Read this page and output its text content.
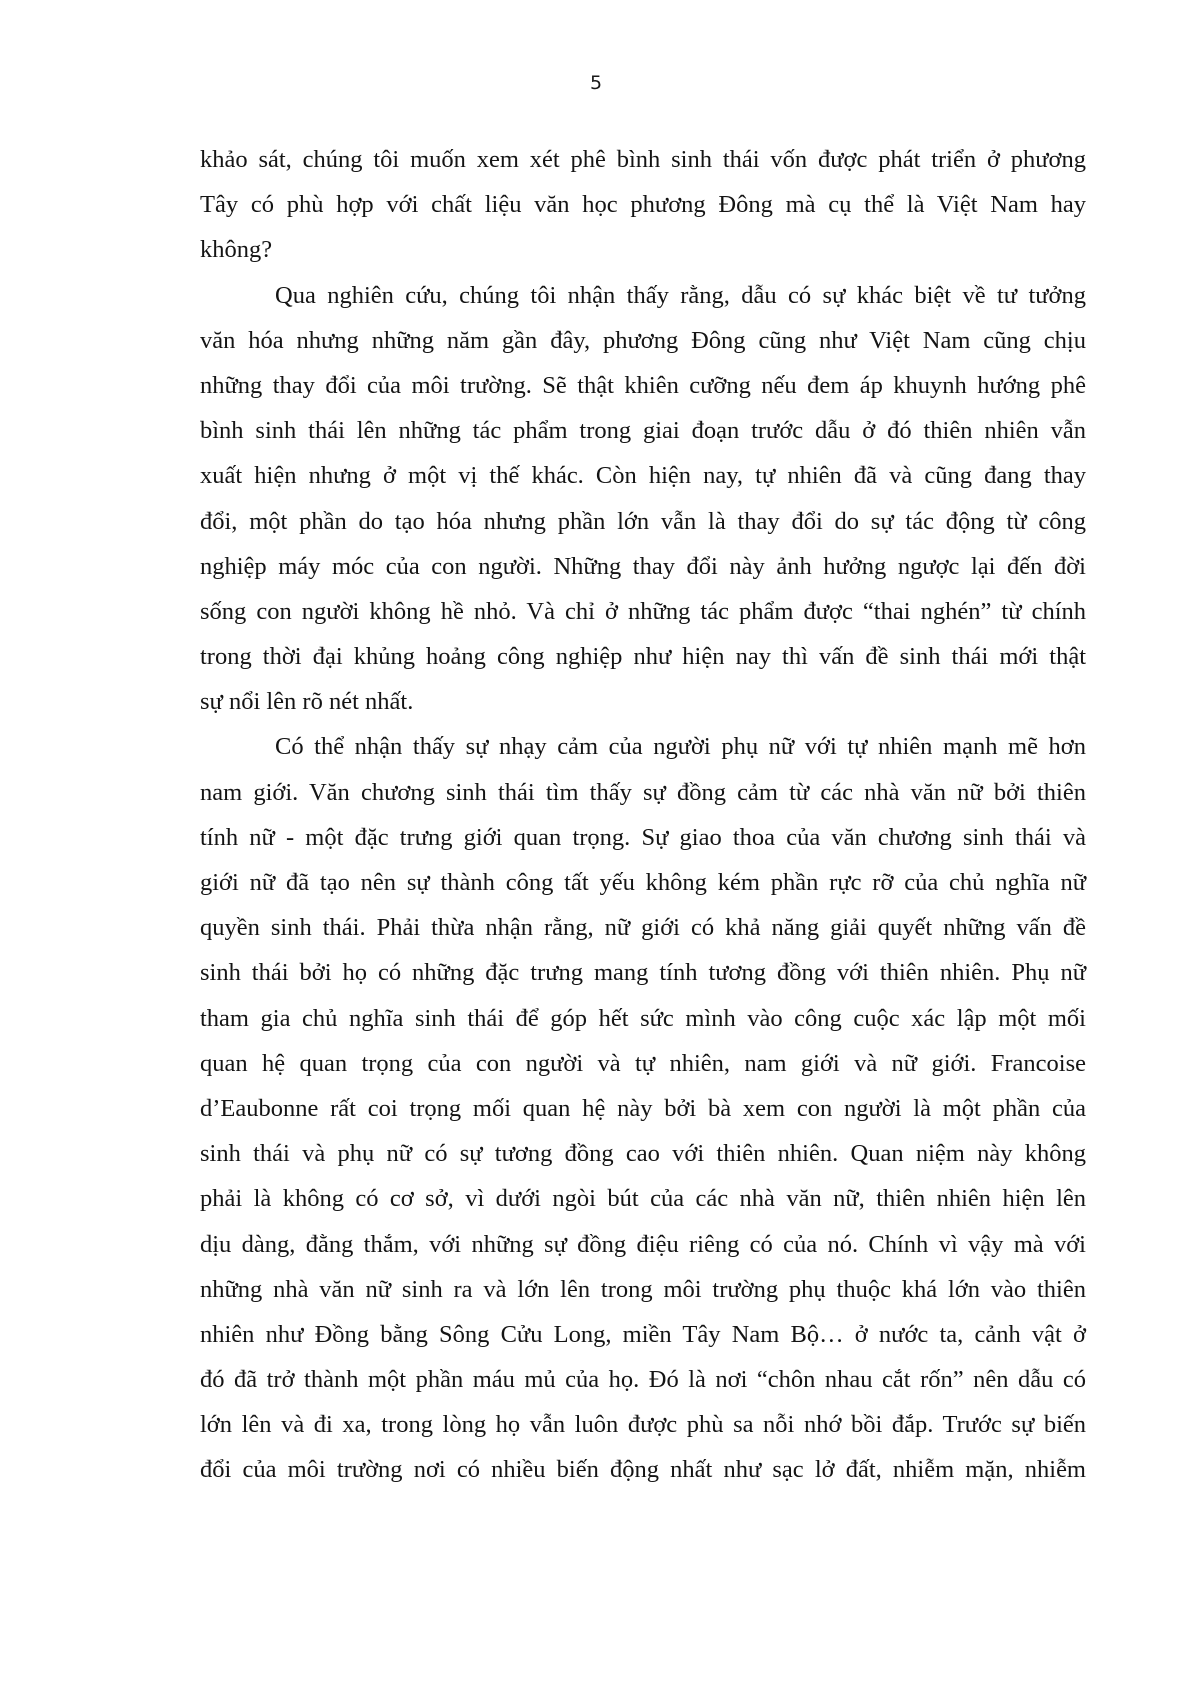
5
khảo sát, chúng tôi muốn xem xét phê bình sinh thái vốn được phát triển ở phương
Tây có phù hợp với chất liệu văn học phương Đông mà cụ thể là Việt Nam hay
không?
Qua nghiên cứu, chúng tôi nhận thấy rằng, dẫu có sự khác biệt về tư tưởng
văn hóa nhưng những năm gần đây, phương Đông cũng như Việt Nam cũng chịu
những thay đổi của môi trường. Sẽ thật khiên cưỡng nếu đem áp khuynh hướng phê
bình sinh thái lên những tác phẩm trong giai đoạn trước dẫu ở đó thiên nhiên vẫn
xuất hiện nhưng ở một vị thế khác. Còn hiện nay, tự nhiên đã và cũng đang thay
đổi, một phần do tạo hóa nhưng phần lớn vẫn là thay đổi do sự tác động từ công
nghiệp máy móc của con người. Những thay đổi này ảnh hưởng ngược lại đến đời
sống con người không hề nhỏ. Và chỉ ở những tác phẩm được “thai nghén” từ chính
trong thời đại khủng hoảng công nghiệp như hiện nay thì vấn đề sinh thái mới thật
sự nổi lên rõ nét nhất.
Có thể nhận thấy sự nhạy cảm của người phụ nữ với tự nhiên mạnh mẽ hơn
nam giới. Văn chương sinh thái tìm thấy sự đồng cảm từ các nhà văn nữ bởi thiên
tính nữ - một đặc trưng giới quan trọng. Sự giao thoa của văn chương sinh thái và
giới nữ đã tạo nên sự thành công tất yếu không kém phần rực rỡ của chủ nghĩa nữ
quyền sinh thái. Phải thừa nhận rằng, nữ giới có khả năng giải quyết những vấn đề
sinh thái bởi họ có những đặc trưng mang tính tương đồng với thiên nhiên. Phụ nữ
tham gia chủ nghĩa sinh thái để góp hết sức mình vào công cuộc xác lập một mối
quan hệ quan trọng của con người và tự nhiên, nam giới và nữ giới. Francoise
d’Eaubonne rất coi trọng mối quan hệ này bởi bà xem con người là một phần của
sinh thái và phụ nữ có sự tương đồng cao với thiên nhiên. Quan niệm này không
phải là không có cơ sở, vì dưới ngòi bút của các nhà văn nữ, thiên nhiên hiện lên
dịu dàng, đằng thắm, với những sự đồng điệu riêng có của nó. Chính vì vậy mà với
những nhà văn nữ sinh ra và lớn lên trong môi trường phụ thuộc khá lớn vào thiên
nhiên như Đồng bằng Sông Cửu Long, miền Tây Nam Bộ… ở nước ta, cảnh vật ở
đó đã trở thành một phần máu mủ của họ. Đó là nơi “chôn nhau cắt rốn” nên dẫu có
lớn lên và đi xa, trong lòng họ vẫn luôn được phù sa nỗi nhớ bồi đắp. Trước sự biến
đổi của môi trường nơi có nhiều biến động nhất như sạc lở đất, nhiễm mặn, nhiễm
